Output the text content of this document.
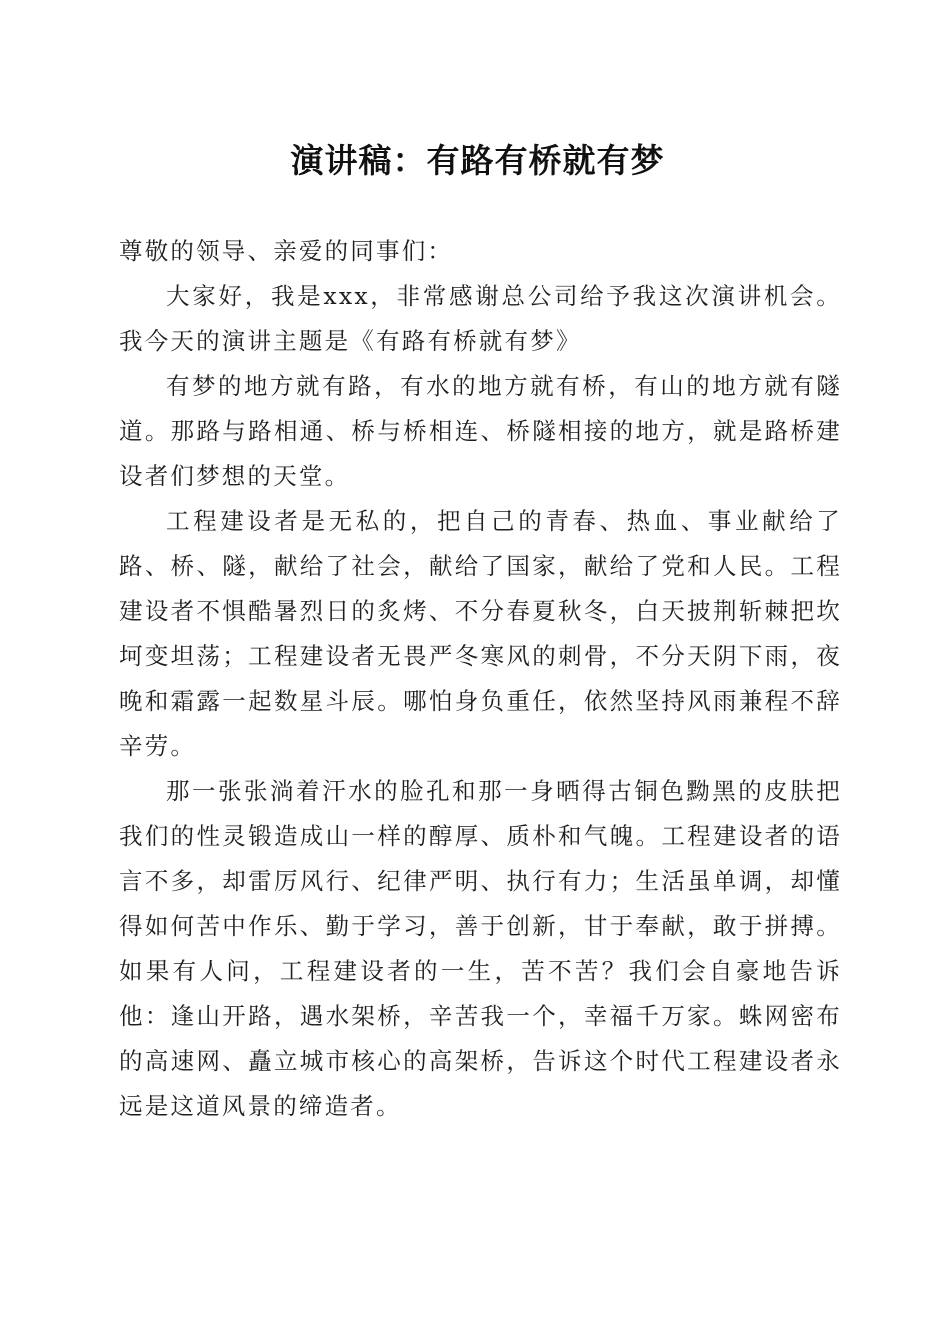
演讲稿：有路有桥就有梦

尊敬的领导、亲爱的同事们：

大家好，我是xxx，非常感谢总公司给予我这次演讲机会。我今天的演讲主题是《有路有桥就有梦》

有梦的地方就有路，有水的地方就有桥，有山的地方就有隧道。那路与路相通、桥与桥相连、桥隧相接的地方，就是路桥建设者们梦想的天堂。

工程建设者是无私的，把自己的青春、热血、事业献给了路、桥、隧，献给了社会，献给了国家，献给了党和人民。工程建设者不惧酷暑烈日的炙烤、不分春夏秋冬，白天披荆斩棘把坎坷变坦荡；工程建设者无畏严冬寒风的刺骨，不分天阴下雨，夜晚和霜露一起数星斗辰。哪怕身负重任，依然坚持风雨兼程不辞辛劳。

那一张张淌着汗水的脸孔和那一身晒得古铜色黝黑的皮肤把我们的性灵锻造成山一样的醇厚、质朴和气魄。工程建设者的语言不多，却雷厉风行、纪律严明、执行有力；生活虽单调，却懂得如何苦中作乐、勤于学习，善于创新，甘于奉献，敢于拼搏。如果有人问，工程建设者的一生，苦不苦？我们会自豪地告诉他：逢山开路，遇水架桥，辛苦我一个，幸福千万家。蛛网密布的高速网、矗立城市核心的高架桥，告诉这个时代工程建设者永远是这道风景的缔造者。
